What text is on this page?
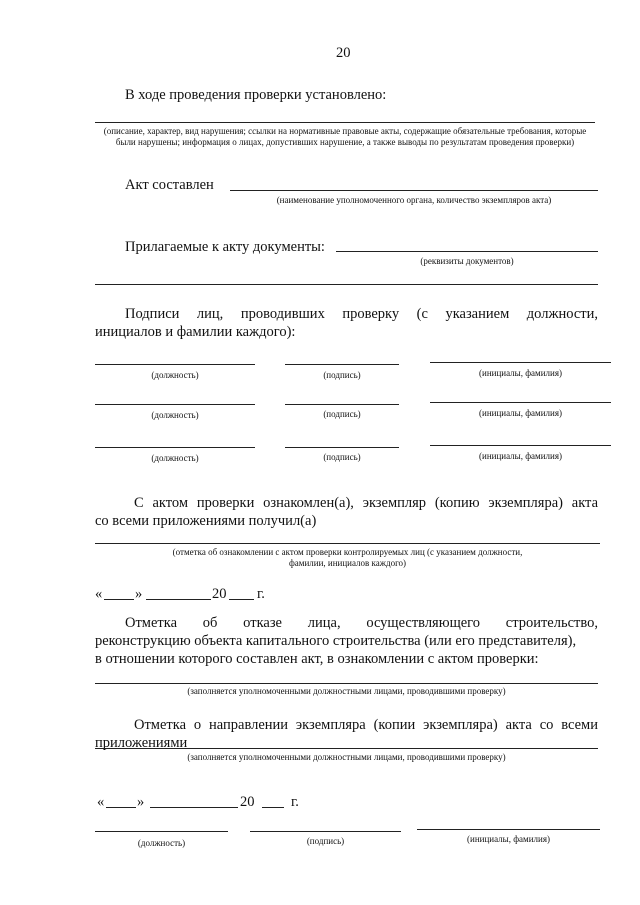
20
В ходе проведения проверки установлено:
(описание, характер, вид нарушения; ссылки на нормативные правовые акты, содержащие обязательные требования, которые были нарушены; информация о лицах, допустивших нарушение, а также выводы по результатам проведения проверки)
Акт составлен
(наименование уполномоченного органа, количество экземпляров акта)
Прилагаемые к акту документы:
(реквизиты документов)
Подписи лиц, проводивших проверку (с указанием должности,
инициалов и фамилии каждого):
(должность)	(подпись)	(инициалы, фамилия)
(должность)	(подпись)	(инициалы, фамилия)
(должность)	(подпись)	(инициалы, фамилия)
С актом проверки ознакомлен(а), экземпляр (копию экземпляра) акта
со всеми приложениями получил(а)
(отметка об ознакомлении с актом проверки контролируемых лиц (с указанием должности,
фамилии, инициалов каждого)
« »	20 г.
Отметка об отказе лица, осуществляющего строительство,
реконструкцию объекта капитального строительства (или его представителя),
в отношении которого составлен акт, в ознакомлении с актом проверки:
(заполняется уполномоченными должностными лицами, проводившими проверку)
Отметка о направлении экземпляра (копии экземпляра) акта со всеми
приложениями
(заполняется уполномоченными должностными лицами, проводившими проверку)
« »	20	г.
(должность)	(подпись)	(инициалы, фамилия)
